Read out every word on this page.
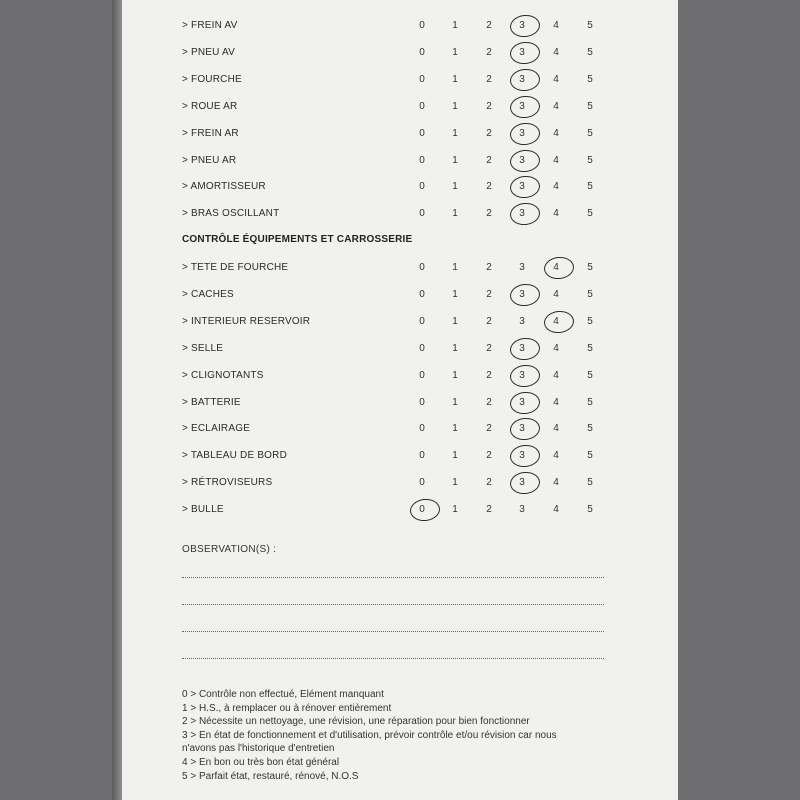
CONTRÔLE ÉQUIPEMENTS ET CARROSSERIE
OBSERVATION(S) :
0 > Contrôle non effectué, Elément manquant
1 > H.S., à remplacer ou à rénover entièrement
2 > Nécessite un nettoyage, une révision, une réparation pour bien fonctionner
3 > En état de fonctionnement et d'utilisation, prévoir contrôle et/ou révision car nous
n'avons pas l'historique d'entretien
4 > En bon ou très bon état général
5 > Parfait état, restauré, rénové, N.O.S
> FREIN AV	0	1	2	3	4	5
> PNEU AV	0	1	2	3	4	5
> FOURCHE	0	1	2	3	4	5
> ROUE AR	0	1	2	3	4	5
> FREIN AR	0	1	2	3	4	5
> PNEU AR	0	1	2	3	4	5
> AMORTISSEUR	0	1	2	3	4	5
> BRAS OSCILLANT	0	1	2	3	4	5
> TETE DE FOURCHE	0	1	2	3	4	5
> CACHES	0	1	2	3	4	5
> INTERIEUR RESERVOIR	0	1	2	3	4	5
> SELLE	0	1	2	3	4	5
> CLIGNOTANTS	0	1	2	3	4	5
> BATTERIE	0	1	2	3	4	5
> ECLAIRAGE	0	1	2	3	4	5
> TABLEAU DE BORD	0	1	2	3	4	5
> RÉTROVISEURS	0	1	2	3	4	5
> BULLE	0	1	2	3	4	5
